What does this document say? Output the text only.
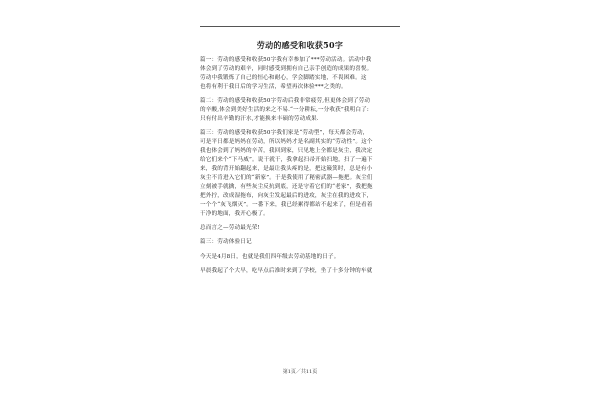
劳动的感受和收获50字
篇一：劳动的感受和收获50字我有幸参加了***劳动活动。活动中我
体会到了劳动的艰辛，同时感受到拥有自己亲手创造的成果的喜悦。
劳动中我锻炼了自己的恒心和耐心，学会脚踏实地，不畏困难。这
也将有利于我日后的学习生活，希望再次体验***之类的。
篇二：劳动的感受和收获50字劳动后我非常疲劳,但更体会到了劳动
的辛酸,体会到美好生活的来之不易.“一分耕耘,一分收获”我明白了:
只有付出辛勤的汗水,才能换来丰硕的劳动成果.
篇三：劳动的感受和收获50字我们家是“劳动型”，每天都会劳动，
可是平日都是妈妈在劳动，所以妈妈才是名副其实的“劳动性”。这个
我也体会到了妈妈的辛苦，我回到家，只见地上全都是灰尘，我决定
给它们来个“下马威”。说干就干，我拿起扫帚开始扫地，扫了一遍下
来，我的背开始翻起来，是最让我头疼的是，把这簸箕时，总是有小
灰尘不肯进入它们的“新家”。于是我使用了秘密武器—拖把。灰尘们
立刻被手就擒，有些灰尘反抗到底，还是守着它们的“老家”，我把拖
把外拧，改成湿拖布，向灰尘发起最后的进攻，灰尘在我的进攻下，
一个个“灰飞烟灭”。一番下来，我已经累得都站不起来了，但是看着
干净的地面，我开心极了。
总而言之—劳动最光荣!
篇三：劳动体验日记
今天是4月8日，也就是我们四年级去劳动基地的日子。
早晨我起了个大早，吃早点后准时来到了学校，坐了十多分钟的车就
第1页／共11页
